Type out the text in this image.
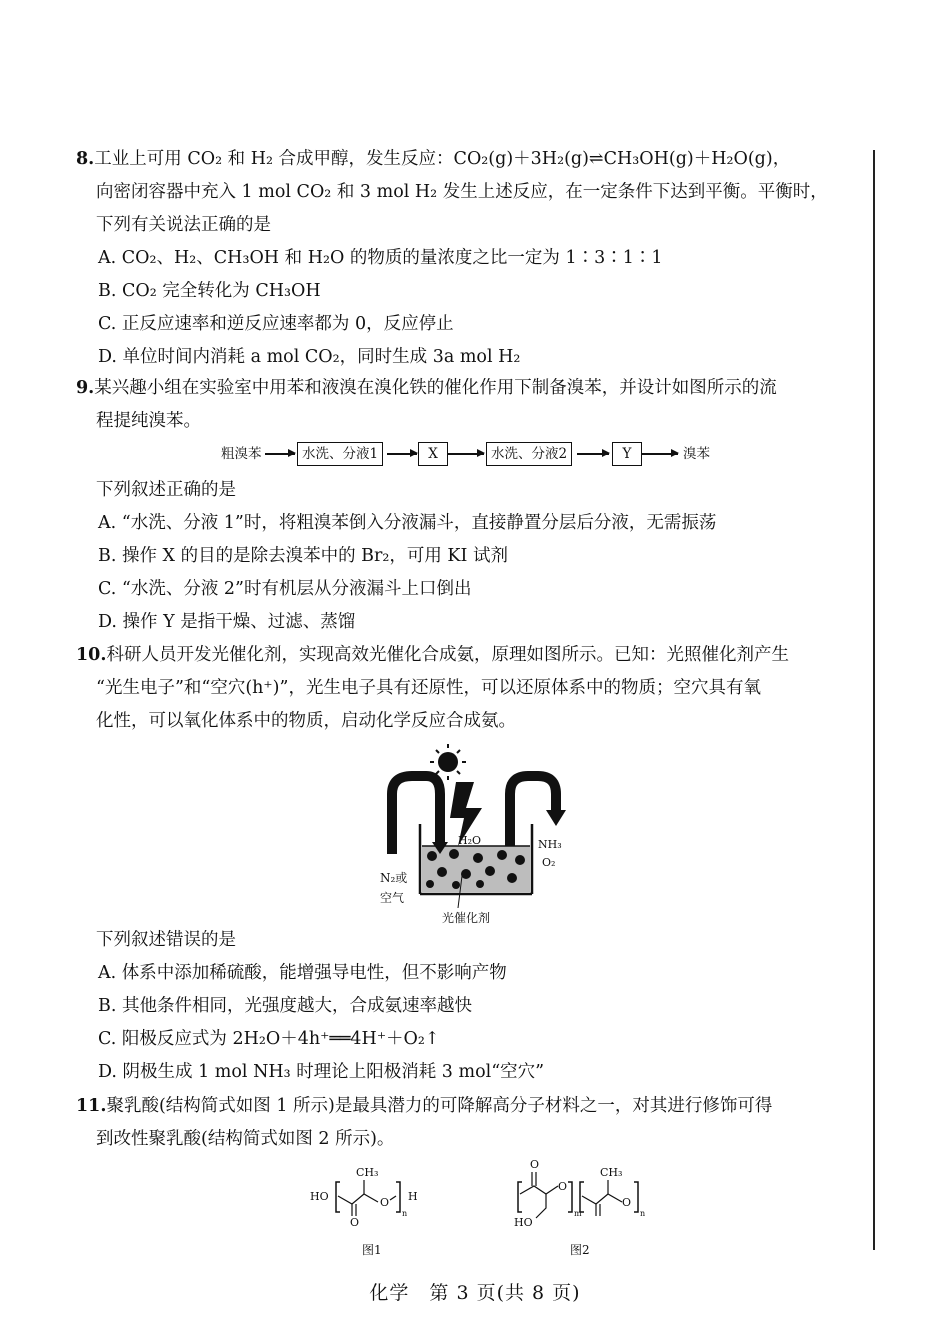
8.工业上可用 CO₂ 和 H₂ 合成甲醇，发生反应：CO₂(g)＋3H₂(g)⇌CH₃OH(g)＋H₂O(g)，
向密闭容器中充入 1 mol CO₂ 和 3 mol H₂ 发生上述反应，在一定条件下达到平衡。平衡时，
下列有关说法正确的是
A. CO₂、H₂、CH₃OH 和 H₂O 的物质的量浓度之比一定为 1∶3∶1∶1
B. CO₂ 完全转化为 CH₃OH
C. 正反应速率和逆反应速率都为 0，反应停止
D. 单位时间内消耗 a mol CO₂，同时生成 3a mol H₂
9.某兴趣小组在实验室中用苯和液溴在溴化铁的催化作用下制备溴苯，并设计如图所示的流
程提纯溴苯。
粗溴苯	水洗、分液1	X	水洗、分液2	Y	溴苯
下列叙述正确的是
A. “水洗、分液 1”时，将粗溴苯倒入分液漏斗，直接静置分层后分液，无需振荡
B. 操作 X 的目的是除去溴苯中的 Br₂，可用 KI 试剂
C. “水洗、分液 2”时有机层从分液漏斗上口倒出
D. 操作 Y 是指干燥、过滤、蒸馏
10.科研人员开发光催化剂，实现高效光催化合成氨，原理如图所示。已知：光照催化剂产生
“光生电子”和“空穴(h⁺)”，光生电子具有还原性，可以还原体系中的物质；空穴具有氧
化性，可以氧化体系中的物质，启动化学反应合成氨。
H₂O	NH₃
O₂
N₂或
空气
光催化剂
下列叙述错误的是
A. 体系中添加稀硫酸，能增强导电性，但不影响产物
B. 其他条件相同，光强度越大，合成氨速率越快
C. 阳极反应式为 2H₂O＋4h⁺══4H⁺＋O₂↑
D. 阴极生成 1 mol NH₃ 时理论上阳极消耗 3 mol“空穴”
11.聚乳酸(结构简式如图 1 所示)是最具潜力的可降解高分子材料之一，对其进行修饰可得
到改性聚乳酸(结构简式如图 2 所示)。
HO
O
CH₃
O
n
H
图1
O
HO
O
m
CH₃
O
n
图2
化学　第 3 页(共 8 页)
